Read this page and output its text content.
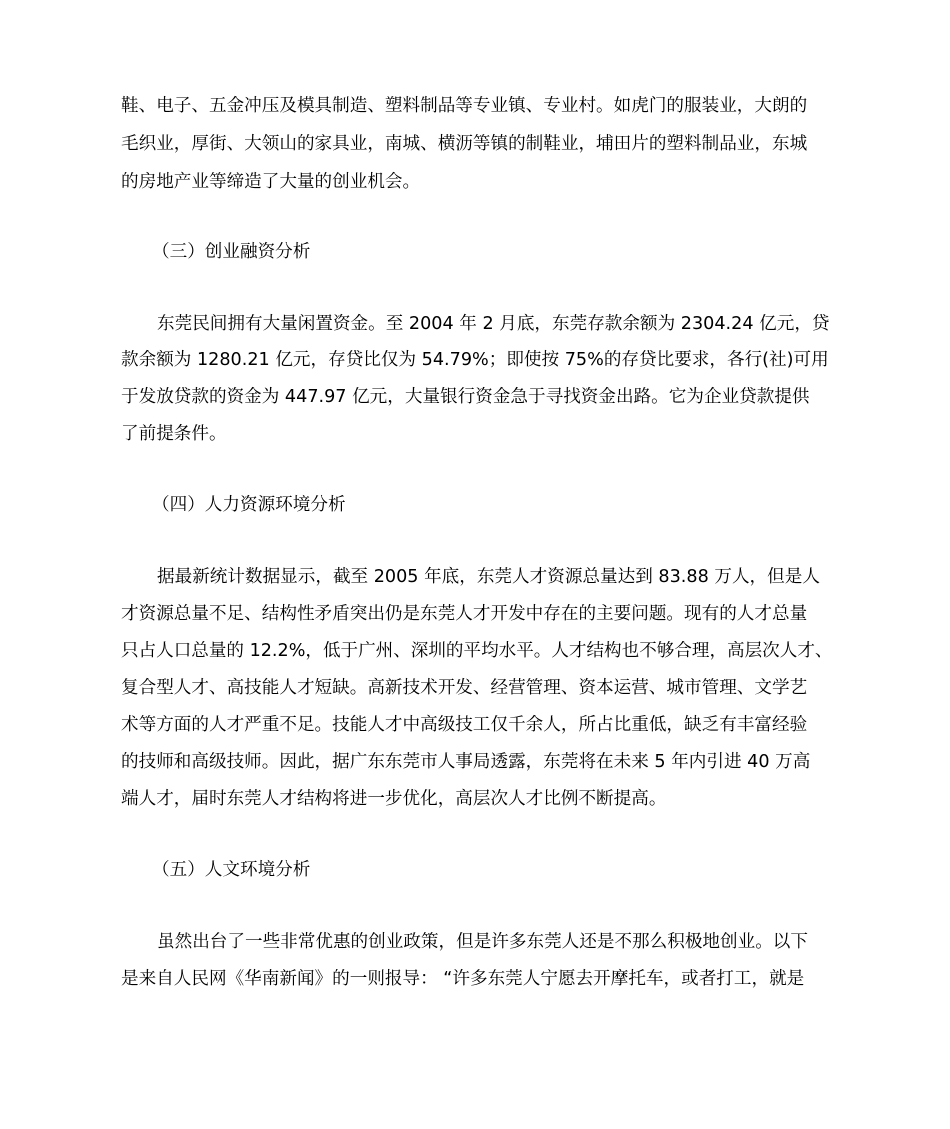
鞋、电子、五金冲压及模具制造、塑料制品等专业镇、专业村。如虎门的服装业，大朗的
毛织业，厚街、大领山的家具业，南城、横沥等镇的制鞋业，埔田片的塑料制品业，东城
的房地产业等缔造了大量的创业机会。
（三）创业融资分析
东莞民间拥有大量闲置资金。至 2004 年 2 月底，东莞存款余额为 2304.24 亿元，贷
款余额为 1280.21 亿元，存贷比仅为 54.79%；即使按 75%的存贷比要求，各行(社)可用
于发放贷款的资金为 447.97 亿元，大量银行资金急于寻找资金出路。它为企业贷款提供
了前提条件。
（四）人力资源环境分析
据最新统计数据显示，截至 2005 年底，东莞人才资源总量达到 83.88 万人，但是人
才资源总量不足、结构性矛盾突出仍是东莞人才开发中存在的主要问题。现有的人才总量
只占人口总量的 12.2%，低于广州、深圳的平均水平。人才结构也不够合理，高层次人才、
复合型人才、高技能人才短缺。高新技术开发、经营管理、资本运营、城市管理、文学艺
术等方面的人才严重不足。技能人才中高级技工仅千余人，所占比重低，缺乏有丰富经验
的技师和高级技师。因此，据广东东莞市人事局透露，东莞将在未来 5 年内引进 40 万高
端人才，届时东莞人才结构将进一步优化，高层次人才比例不断提高。
（五）人文环境分析
虽然出台了一些非常优惠的创业政策，但是许多东莞人还是不那么积极地创业。以下
是来自人民网《华南新闻》的一则报导： “许多东莞人宁愿去开摩托车，或者打工，就是
